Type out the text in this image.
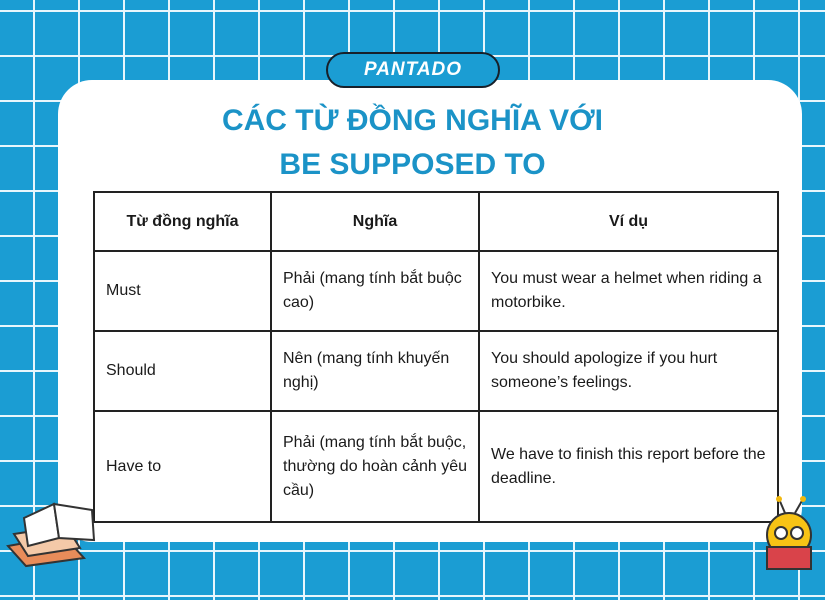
PANTADO
CÁC TỪ ĐỒNG NGHĨA VỚI
BE SUPPOSED TO
Từ đồng nghĩa	Nghĩa	Ví dụ
Must	Phải (mang tính bắt buộc cao)	You must wear a helmet when riding a motorbike.
Should	Nên (mang tính khuyến nghị)	You should apologize if you hurt someone’s feelings.
Have to	Phải (mang tính bắt buộc, thường do hoàn cảnh yêu cầu)	We have to finish this report before the deadline.
